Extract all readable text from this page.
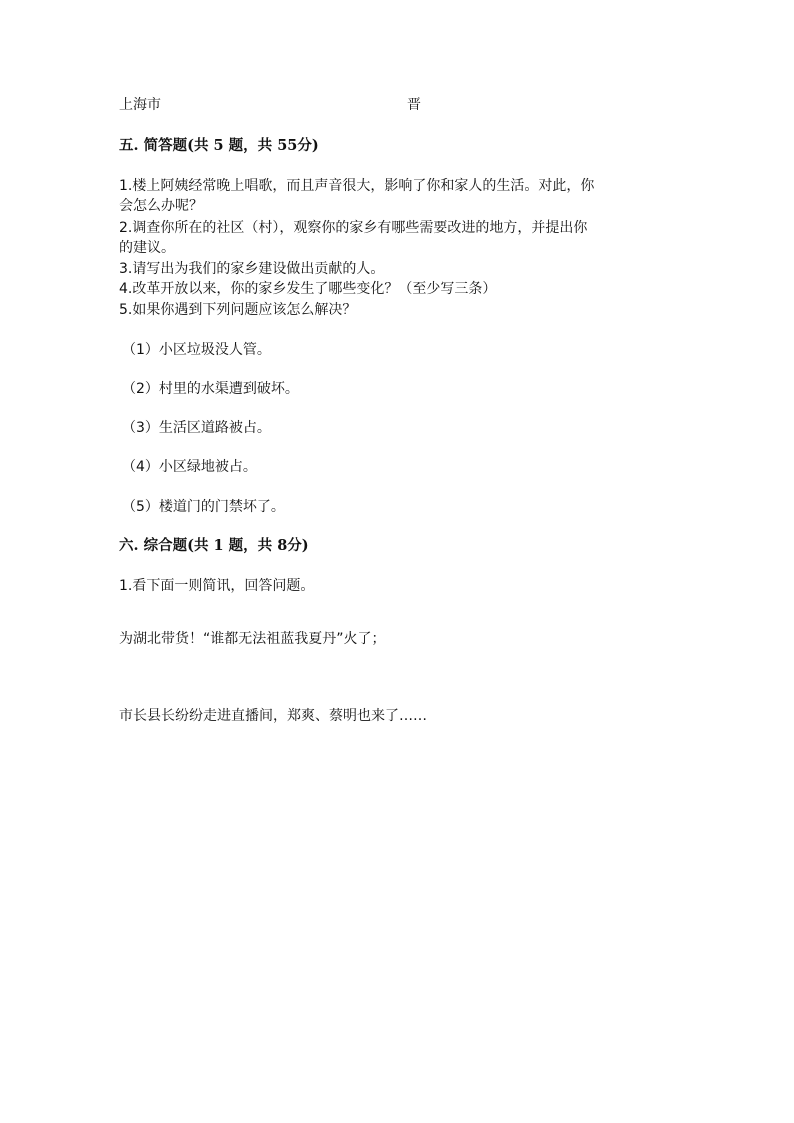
上海市	晋
五. 简答题(共 5 题，共 55分)
1.楼上阿姨经常晚上唱歌，而且声音很大，影响了你和家人的生活。对此，你
会怎么办呢？
2.调查你所在的社区（村），观察你的家乡有哪些需要改进的地方，并提出你
的建议。
3.请写出为我们的家乡建设做出贡献的人。
4.改革开放以来，你的家乡发生了哪些变化？（至少写三条）
5.如果你遇到下列问题应该怎么解决？
（1）小区垃圾没人管。
（2）村里的水渠遭到破坏。
（3）生活区道路被占。
（4）小区绿地被占。
（5）楼道门的门禁坏了。
六. 综合题(共 1 题，共 8分)
1.看下面一则简讯，回答问题。
为湖北带货！“谁都无法祖蓝我夏丹”火了；
市长县长纷纷走进直播间，郑爽、蔡明也来了……
